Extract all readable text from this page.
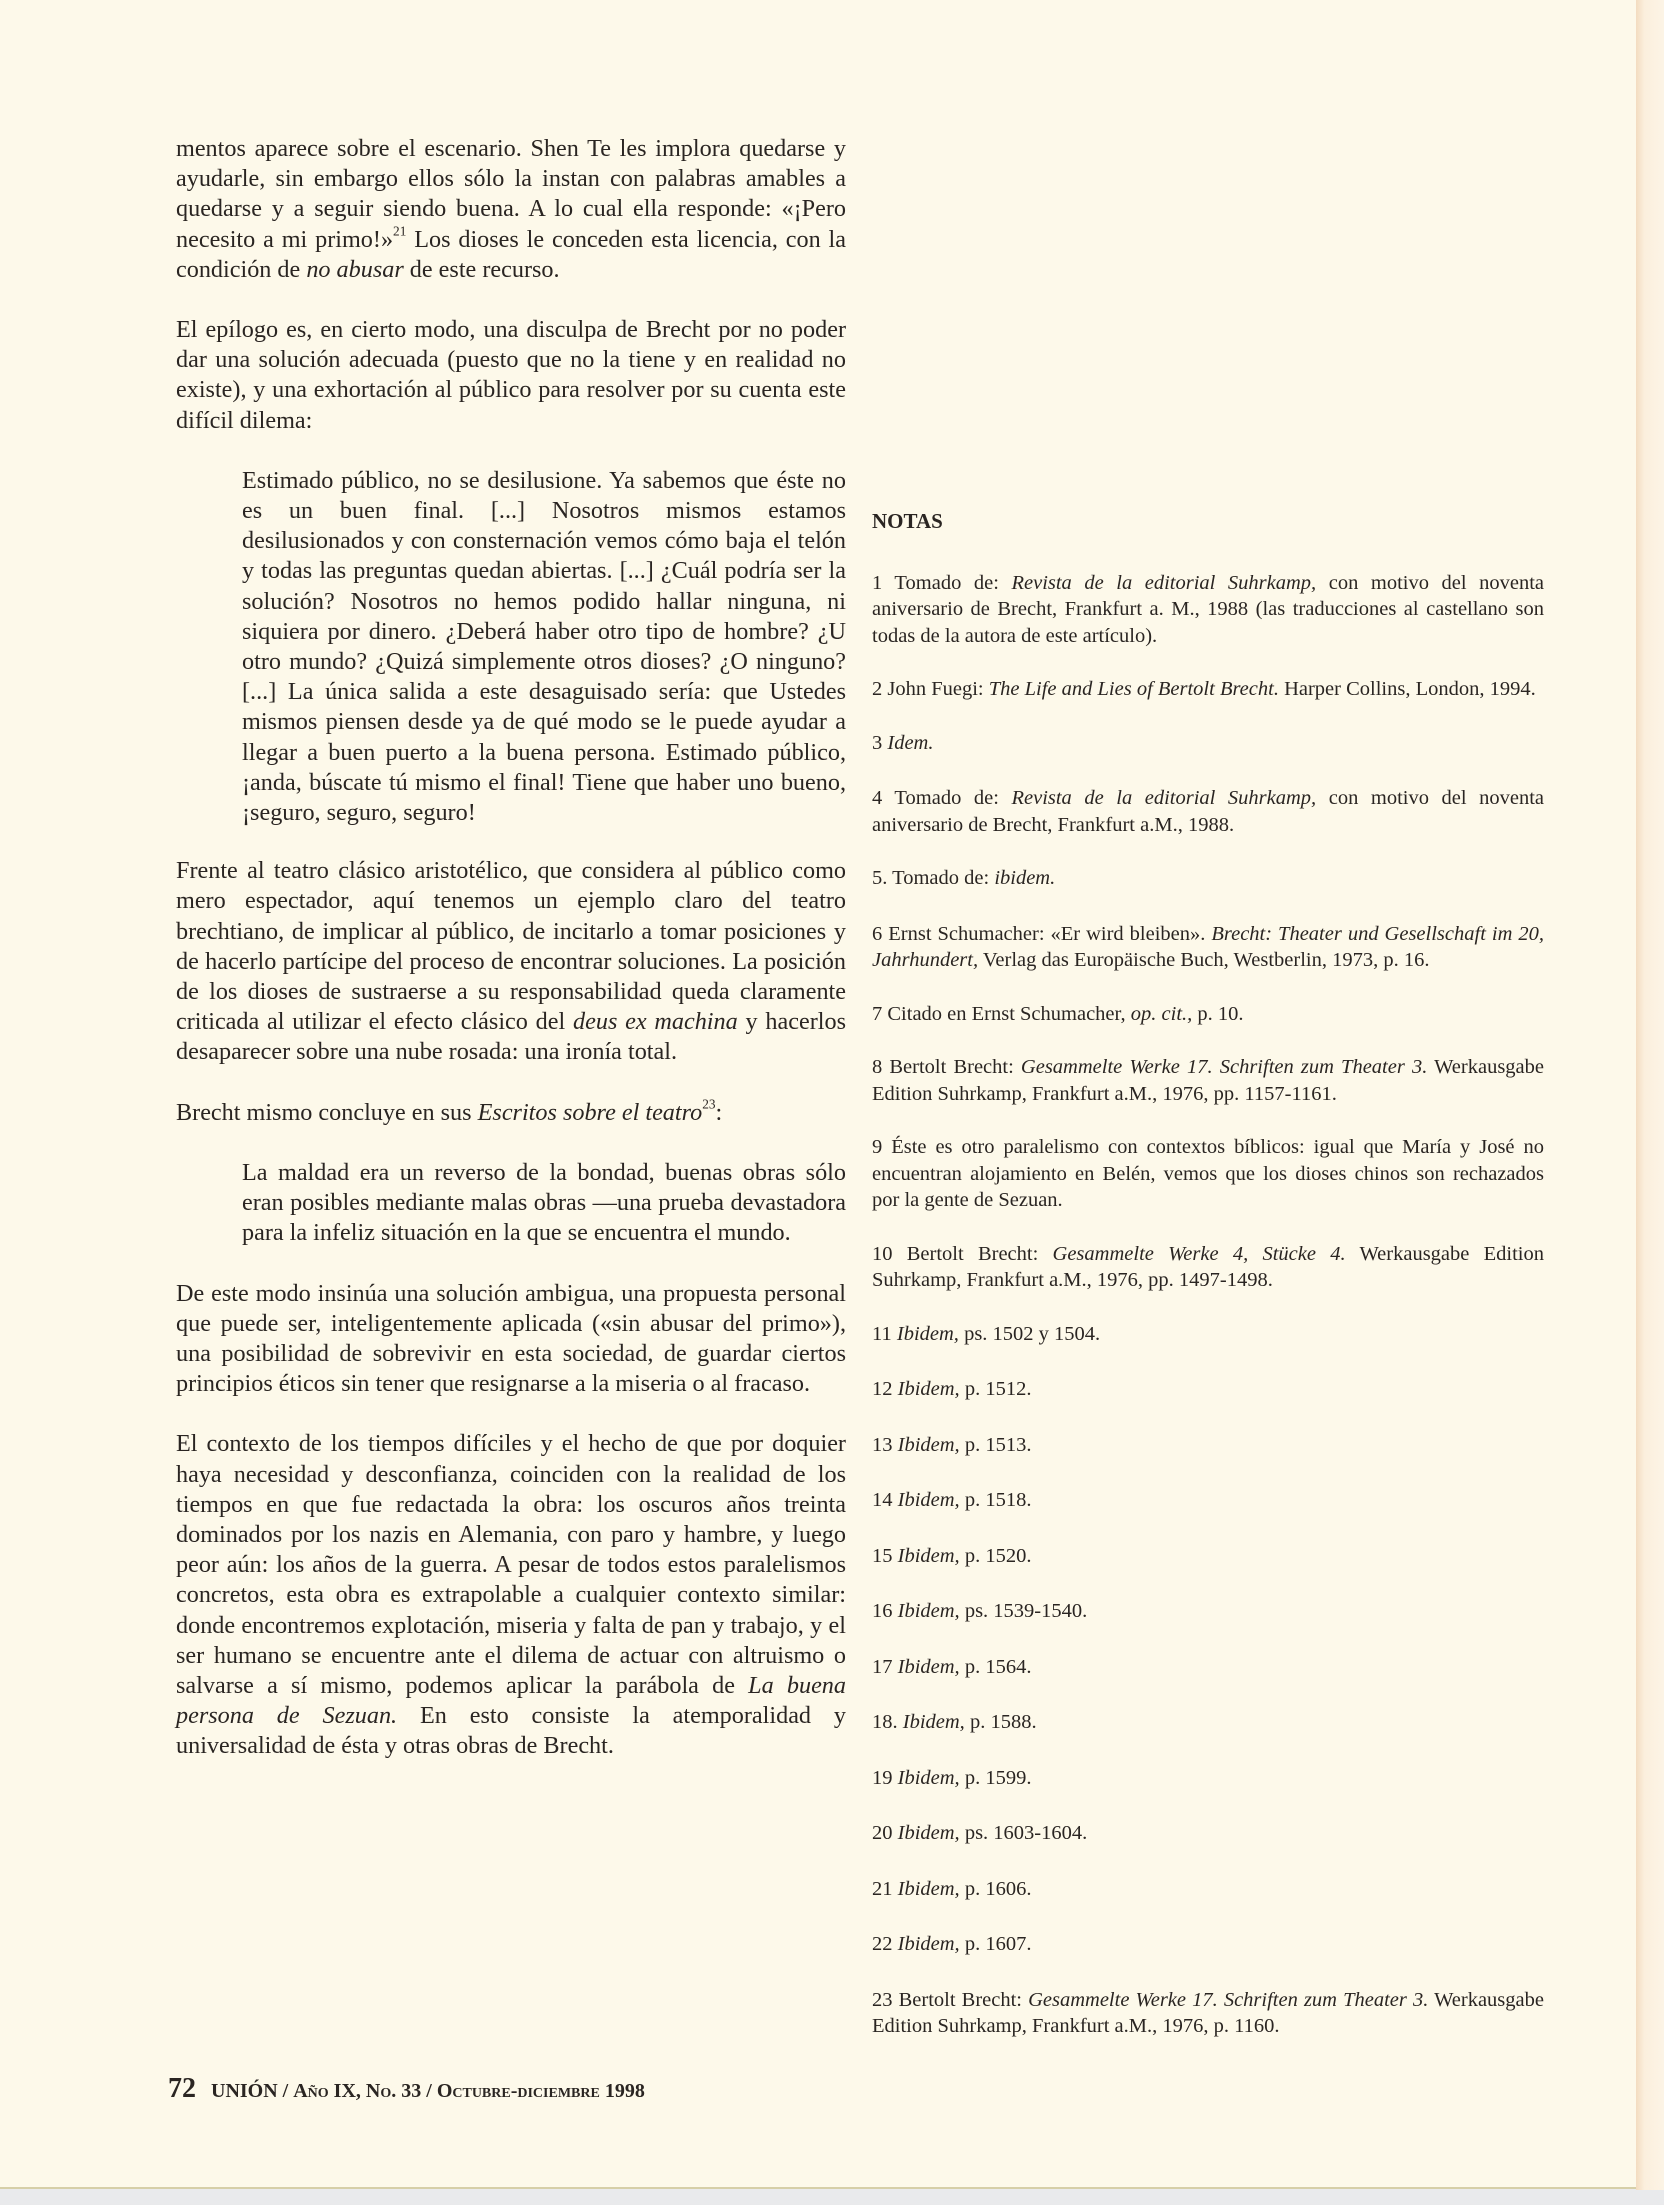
mentos aparece sobre el escenario. Shen Te les implora quedarse y ayudarle, sin embargo ellos sólo la instan con palabras amables a quedarse y a seguir siendo buena. A lo cual ella responde: «¡Pero necesito a mi primo!»$^{21}$ Los dioses le conceden esta licencia, con la condición de no abusar de este recurso.

El epílogo es, en cierto modo, una disculpa de Brecht por no poder dar una solución adecuada (puesto que no la tiene y en realidad no existe), y una exhortación al público para resolver por su cuenta este difícil dilema:

Estimado público, no se desilusione. Ya sabemos que éste no es un buen final. [...] Nosotros mismos estamos desilusionados y con consternación vemos cómo baja el telón y todas las preguntas quedan abiertas. [...] ¿Cuál podría ser la solución? Nosotros no hemos podido hallar ninguna, ni siquiera por dinero. ¿Deberá haber otro tipo de hombre? ¿U otro mundo? ¿Quizá simplemente otros dioses? ¿O ninguno? [...] La única salida a este desaguisado sería: que Ustedes mismos piensen desde ya de qué modo se le puede ayudar a llegar a buen puerto a la buena persona. Estimado público, ¡anda, búscate tú mismo el final! Tiene que haber uno bueno, ¡seguro, seguro, seguro!

Frente al teatro clásico aristotélico, que considera al público como mero espectador, aquí tenemos un ejemplo claro del teatro brechtiano, de implicar al público, de incitarlo a tomar posiciones y de hacerlo partícipe del proceso de encontrar soluciones. La posición de los dioses de sustraerse a su responsabilidad queda claramente criticada al utilizar el efecto clásico del deus ex machina y hacerlos desaparecer sobre una nube rosada: una ironía total.

Brecht mismo concluye en sus Escritos sobre el teatro$^{23}$:

La maldad era un reverso de la bondad, buenas obras sólo eran posibles mediante malas obras —una prueba devastadora para la infeliz situación en la que se encuentra el mundo.

De este modo insinúa una solución ambigua, una propuesta personal que puede ser, inteligentemente aplicada («sin abusar del primo»), una posibilidad de sobrevivir en esta sociedad, de guardar ciertos principios éticos sin tener que resignarse a la miseria o al fracaso.

El contexto de los tiempos difíciles y el hecho de que por doquier haya necesidad y desconfianza, coinciden con la realidad de los tiempos en que fue redactada la obra: los oscuros años treinta dominados por los nazis en Alemania, con paro y hambre, y luego peor aún: los años de la guerra. A pesar de todos estos paralelismos concretos, esta obra es extrapolable a cualquier contexto similar: donde encontremos explotación, miseria y falta de pan y trabajo, y el ser humano se encuentre ante el dilema de actuar con altruismo o salvarse a sí mismo, podemos aplicar la parábola de La buena persona de Sezuan. En esto consiste la atemporalidad y universalidad de ésta y otras obras de Brecht.

NOTAS

1 Tomado de: Revista de la editorial Suhrkamp, con motivo del noventa aniversario de Brecht, Frankfurt a. M., 1988 (las traducciones al castellano son todas de la autora de este artículo).

2 John Fuegi: The Life and Lies of Bertolt Brecht. Harper Collins, London, 1994.

3 Idem.

4 Tomado de: Revista de la editorial Suhrkamp, con motivo del noventa aniversario de Brecht, Frankfurt a.M., 1988.

5. Tomado de: ibidem.

6 Ernst Schumacher: «Er wird bleiben». Brecht: Theater und Gesellschaft im 20, Jahrhundert, Verlag das Europäische Buch, Westberlin, 1973, p. 16.

7 Citado en Ernst Schumacher, op. cit., p. 10.

8 Bertolt Brecht: Gesammelte Werke 17. Schriften zum Theater 3. Werkausgabe Edition Suhrkamp, Frankfurt a.M., 1976, pp. 1157-1161.

9 Éste es otro paralelismo con contextos bíblicos: igual que María y José no encuentran alojamiento en Belén, vemos que los dioses chinos son rechazados por la gente de Sezuan.

10 Bertolt Brecht: Gesammelte Werke 4, Stücke 4. Werkausgabe Edition Suhrkamp, Frankfurt a.M., 1976, pp. 1497-1498.

11 Ibidem, ps. 1502 y 1504.

12 Ibidem, p. 1512.

13 Ibidem, p. 1513.

14 Ibidem, p. 1518.

15 Ibidem, p. 1520.

16 Ibidem, ps. 1539-1540.

17 Ibidem, p. 1564.

18. Ibidem, p. 1588.

19 Ibidem, p. 1599.

20 Ibidem, ps. 1603-1604.

21 Ibidem, p. 1606.

22 Ibidem, p. 1607.

23 Bertolt Brecht: Gesammelte Werke 17. Schriften zum Theater 3. Werkausgabe Edition Suhrkamp, Frankfurt a.M., 1976, p. 1160.

72 UNIÓN / Año IX, No. 33 / Octubre-diciembre 1998
